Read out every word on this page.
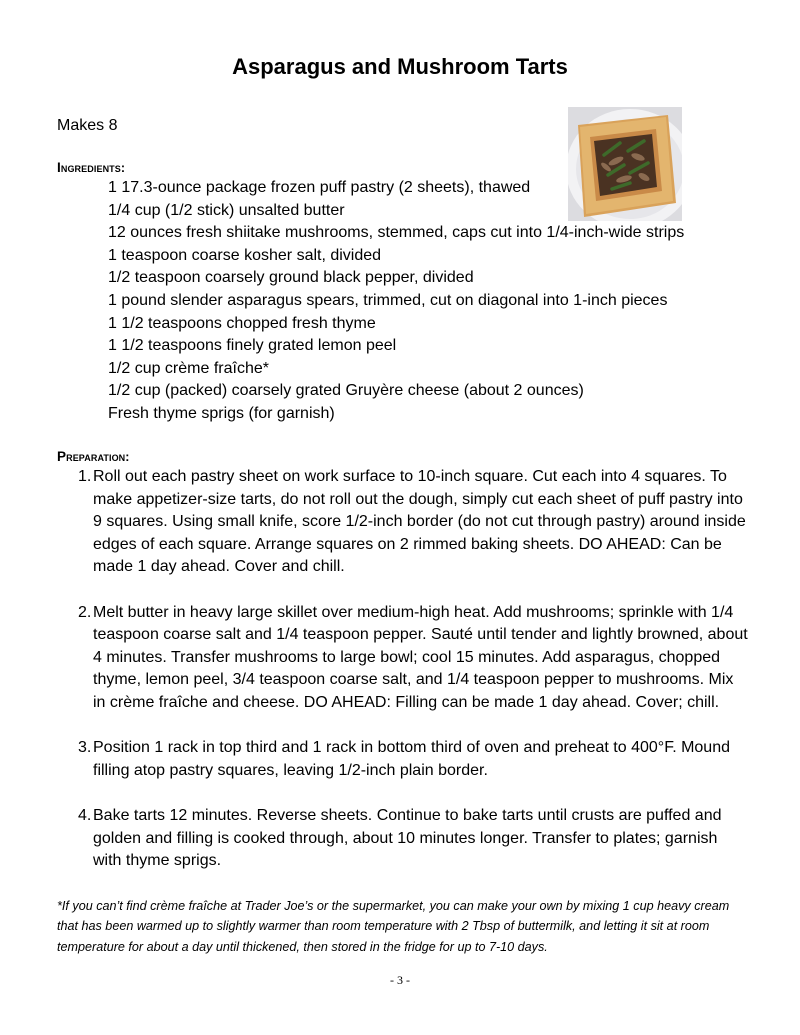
Asparagus and Mushroom Tarts
Makes 8
Ingredients:
1 17.3-ounce package frozen puff pastry (2 sheets), thawed
1/4 cup (1/2 stick) unsalted butter
12 ounces fresh shiitake mushrooms, stemmed, caps cut into 1/4-inch-wide strips
1 teaspoon coarse kosher salt, divided
1/2 teaspoon coarsely ground black pepper, divided
1 pound slender asparagus spears, trimmed, cut on diagonal into 1-inch pieces
1 1/2 teaspoons chopped fresh thyme
1 1/2 teaspoons finely grated lemon peel
1/2 cup crème fraîche*
1/2 cup (packed) coarsely grated Gruyère cheese (about 2 ounces)
Fresh thyme sprigs (for garnish)
Preparation:
1. Roll out each pastry sheet on work surface to 10-inch square. Cut each into 4 squares. To make appetizer-size tarts, do not roll out the dough, simply cut each sheet of puff pastry into 9 squares. Using small knife, score 1/2-inch border (do not cut through pastry) around inside edges of each square. Arrange squares on 2 rimmed baking sheets. DO AHEAD: Can be made 1 day ahead. Cover and chill.
2. Melt butter in heavy large skillet over medium-high heat. Add mushrooms; sprinkle with 1/4 teaspoon coarse salt and 1/4 teaspoon pepper. Sauté until tender and lightly browned, about 4 minutes. Transfer mushrooms to large bowl; cool 15 minutes. Add asparagus, chopped thyme, lemon peel, 3/4 teaspoon coarse salt, and 1/4 teaspoon pepper to mushrooms. Mix in crème fraîche and cheese. DO AHEAD: Filling can be made 1 day ahead. Cover; chill.
3. Position 1 rack in top third and 1 rack in bottom third of oven and preheat to 400°F. Mound filling atop pastry squares, leaving 1/2-inch plain border.
4. Bake tarts 12 minutes. Reverse sheets. Continue to bake tarts until crusts are puffed and golden and filling is cooked through, about 10 minutes longer. Transfer to plates; garnish with thyme sprigs.

*If you can’t find crème fraîche at Trader Joe’s or the supermarket, you can make your own by mixing 1 cup heavy cream that has been warmed up to slightly warmer than room temperature with 2 Tbsp of buttermilk, and letting it sit at room temperature for about a day until thickened, then stored in the fridge for up to 7-10 days.

- 3 -
